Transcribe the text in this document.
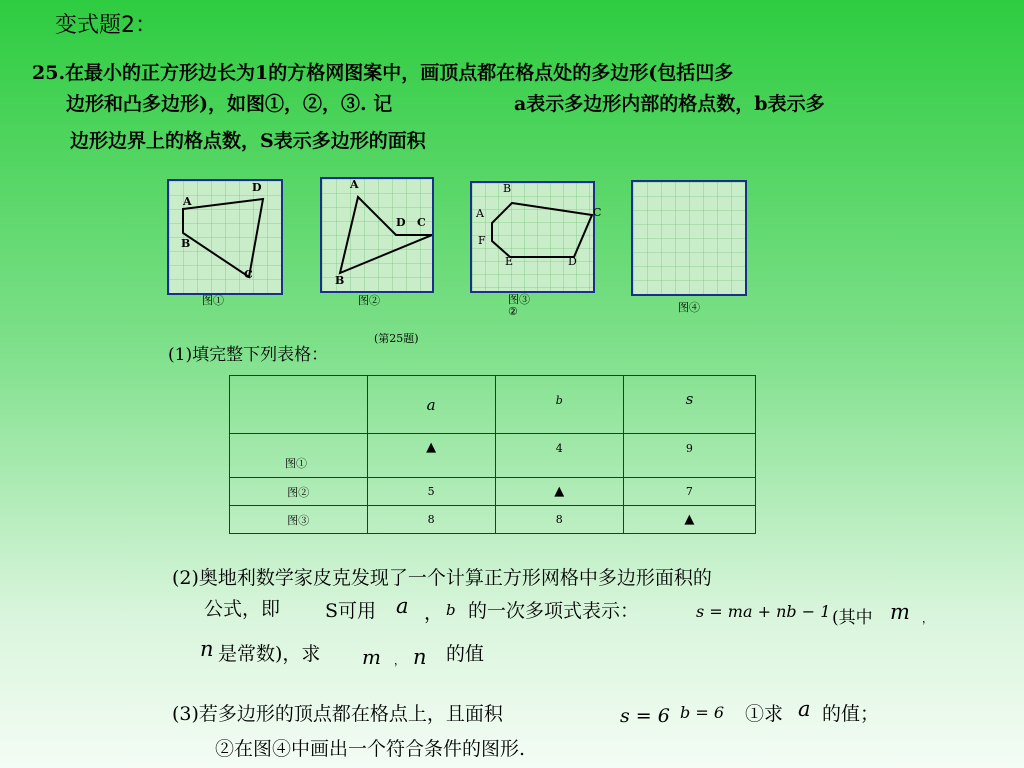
变式题2：
25.在最小的正方形边长为1的方格网图案中，画顶点都在格点处的多边形(包括凹多
边形和凸多边形)，如图①，②，③. 记	a表示多边形内部的格点数，b表示多
边形边界上的格点数，S表示多边形的面积
A
B
C
D
图①
A
B
C
D
图②
B
A	C
F
E	D
图③
②	图④
(第25题)
(1)填完整下列表格：
	a	b	s
图①	▲	4	9
图②	5	▲	7
图③	8	8	▲
(2)奥地利数学家皮克发现了一个计算正方形网格中多边形面积的
公式，即 S可用 a ， b 的一次多项式表示：	s = ma + nb − 1 (其中 m ，
n 是常数)，求 m ， n 的值
(3)若多边形的顶点都在格点上，且面积	s = 6 b = 6 ①求 a 的值；
②在图④中画出一个符合条件的图形.
